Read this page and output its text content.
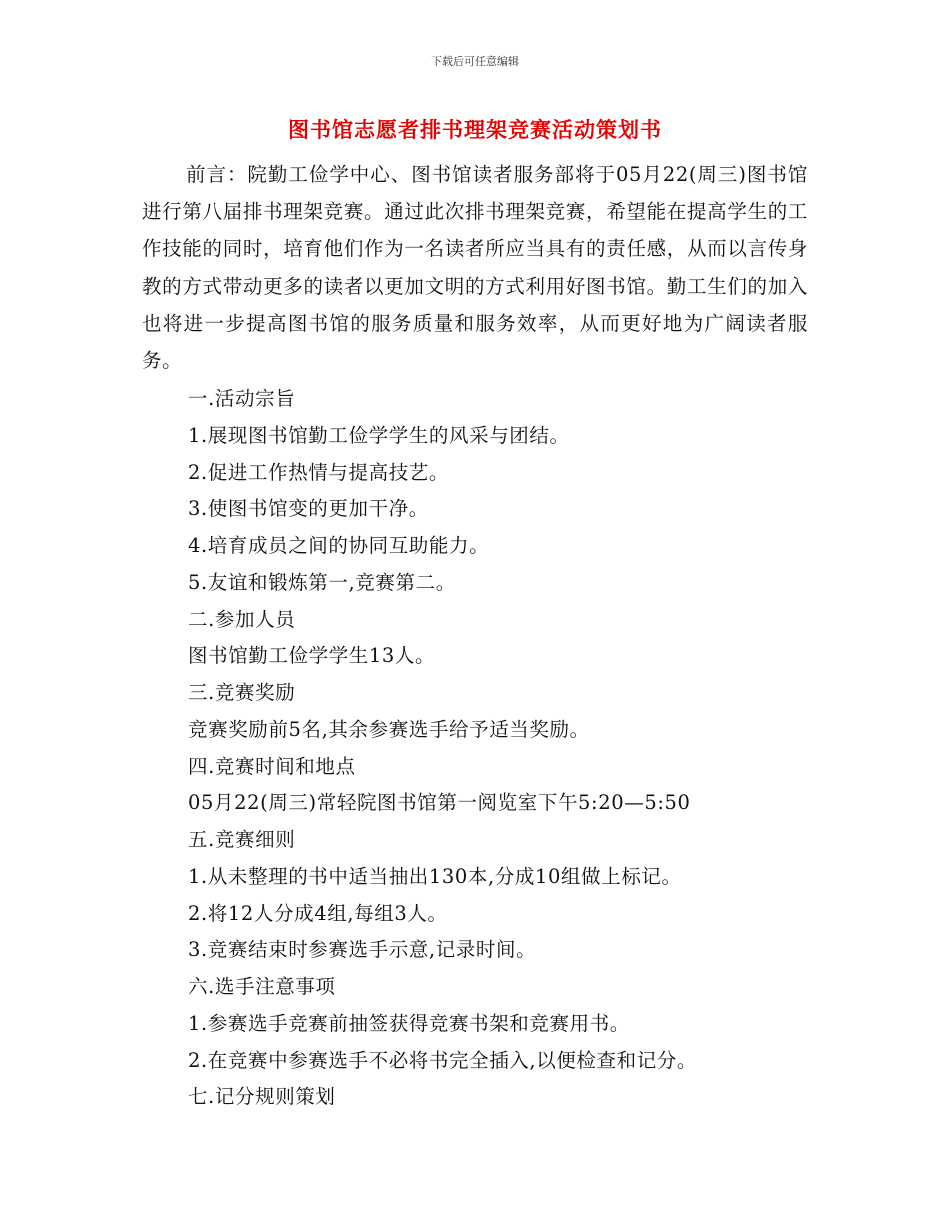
下载后可任意编辑
图书馆志愿者排书理架竞赛活动策划书

前言：院勤工俭学中心、图书馆读者服务部将于05月22(周三)图书馆进行第八届排书理架竞赛。通过此次排书理架竞赛，希望能在提高学生的工作技能的同时，培育他们作为一名读者所应当具有的责任感，从而以言传身教的方式带动更多的读者以更加文明的方式利用好图书馆。勤工生们的加入也将进一步提高图书馆的服务质量和服务效率，从而更好地为广阔读者服务。

一.活动宗旨
1.展现图书馆勤工俭学学生的风采与团结。
2.促进工作热情与提高技艺。
3.使图书馆变的更加干净。
4.培育成员之间的协同互助能力。
5.友谊和锻炼第一,竞赛第二。
二.参加人员
图书馆勤工俭学学生13人。
三.竞赛奖励
竞赛奖励前5名,其余参赛选手给予适当奖励。
四.竞赛时间和地点
05月22(周三)常轻院图书馆第一阅览室下午5:20—5:50
五.竞赛细则
1.从未整理的书中适当抽出130本,分成10组做上标记。
2.将12人分成4组,每组3人。
3.竞赛结束时参赛选手示意,记录时间。
六.选手注意事项
1.参赛选手竞赛前抽签获得竞赛书架和竞赛用书。
2.在竞赛中参赛选手不必将书完全插入,以便检查和记分。
七.记分规则策划
